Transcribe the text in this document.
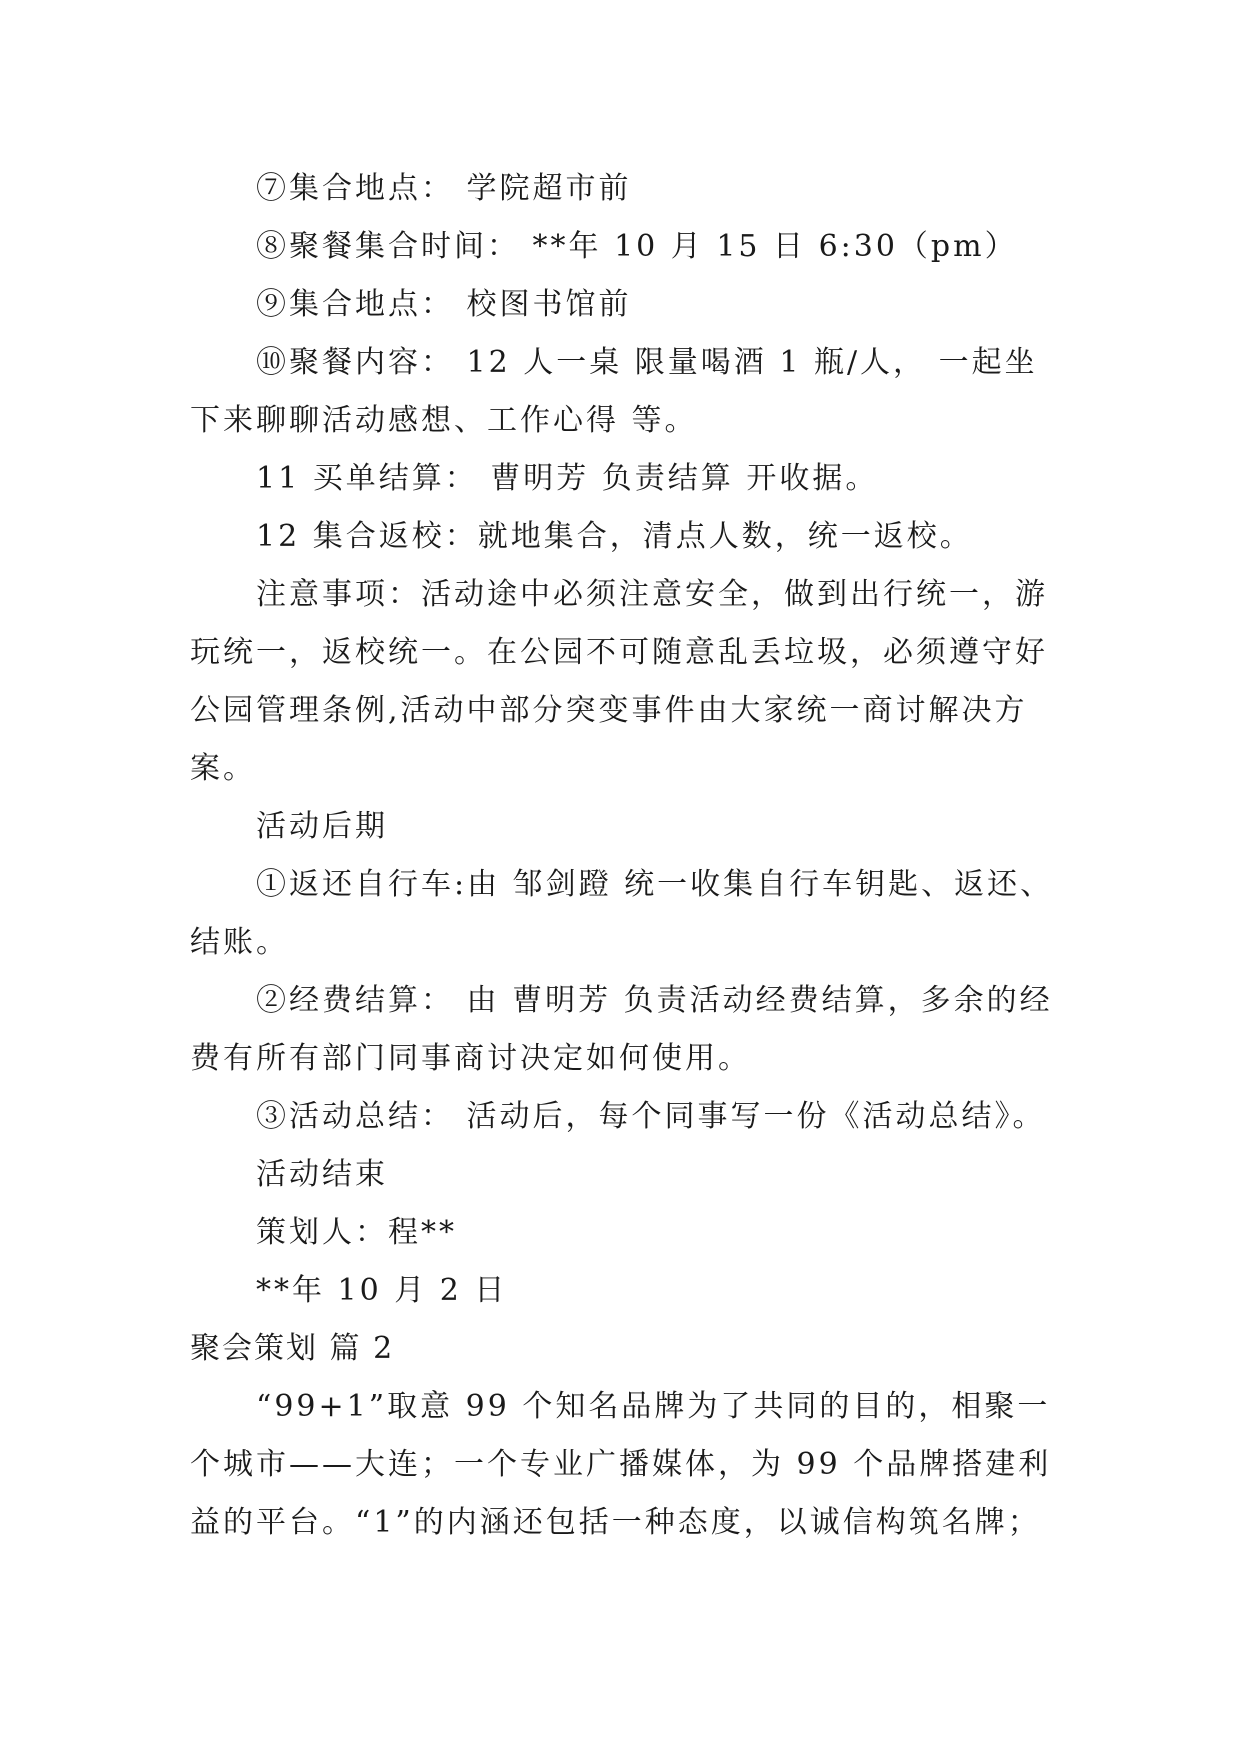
⑦集合地点： 学院超市前

⑧聚餐集合时间： **年 10 月 15 日 6:30（pm）

⑨集合地点： 校图书馆前

⑩聚餐内容： 12 人一桌 限量喝酒 1 瓶/人， 一起坐下来聊聊活动感想、工作心得 等。

11 买单结算： 曹明芳 负责结算 开收据。

12 集合返校：就地集合，清点人数，统一返校。

注意事项：活动途中必须注意安全，做到出行统一，游玩统一，返校统一。在公园不可随意乱丢垃圾，必须遵守好公园管理条例,活动中部分突变事件由大家统一商讨解决方案。

活动后期

①返还自行车:由 邹剑蹬 统一收集自行车钥匙、返还、结账。

②经费结算： 由 曹明芳 负责活动经费结算，多余的经费有所有部门同事商讨决定如何使用。

③活动总结： 活动后，每个同事写一份《活动总结》。

活动结束

策划人：程**

**年 10 月 2 日

聚会策划 篇 2

“99+1”取意 99 个知名品牌为了共同的目的，相聚一个城市——大连；一个专业广播媒体，为 99 个品牌搭建利益的平台。“1”的内涵还包括一种态度，以诚信构筑名牌；
